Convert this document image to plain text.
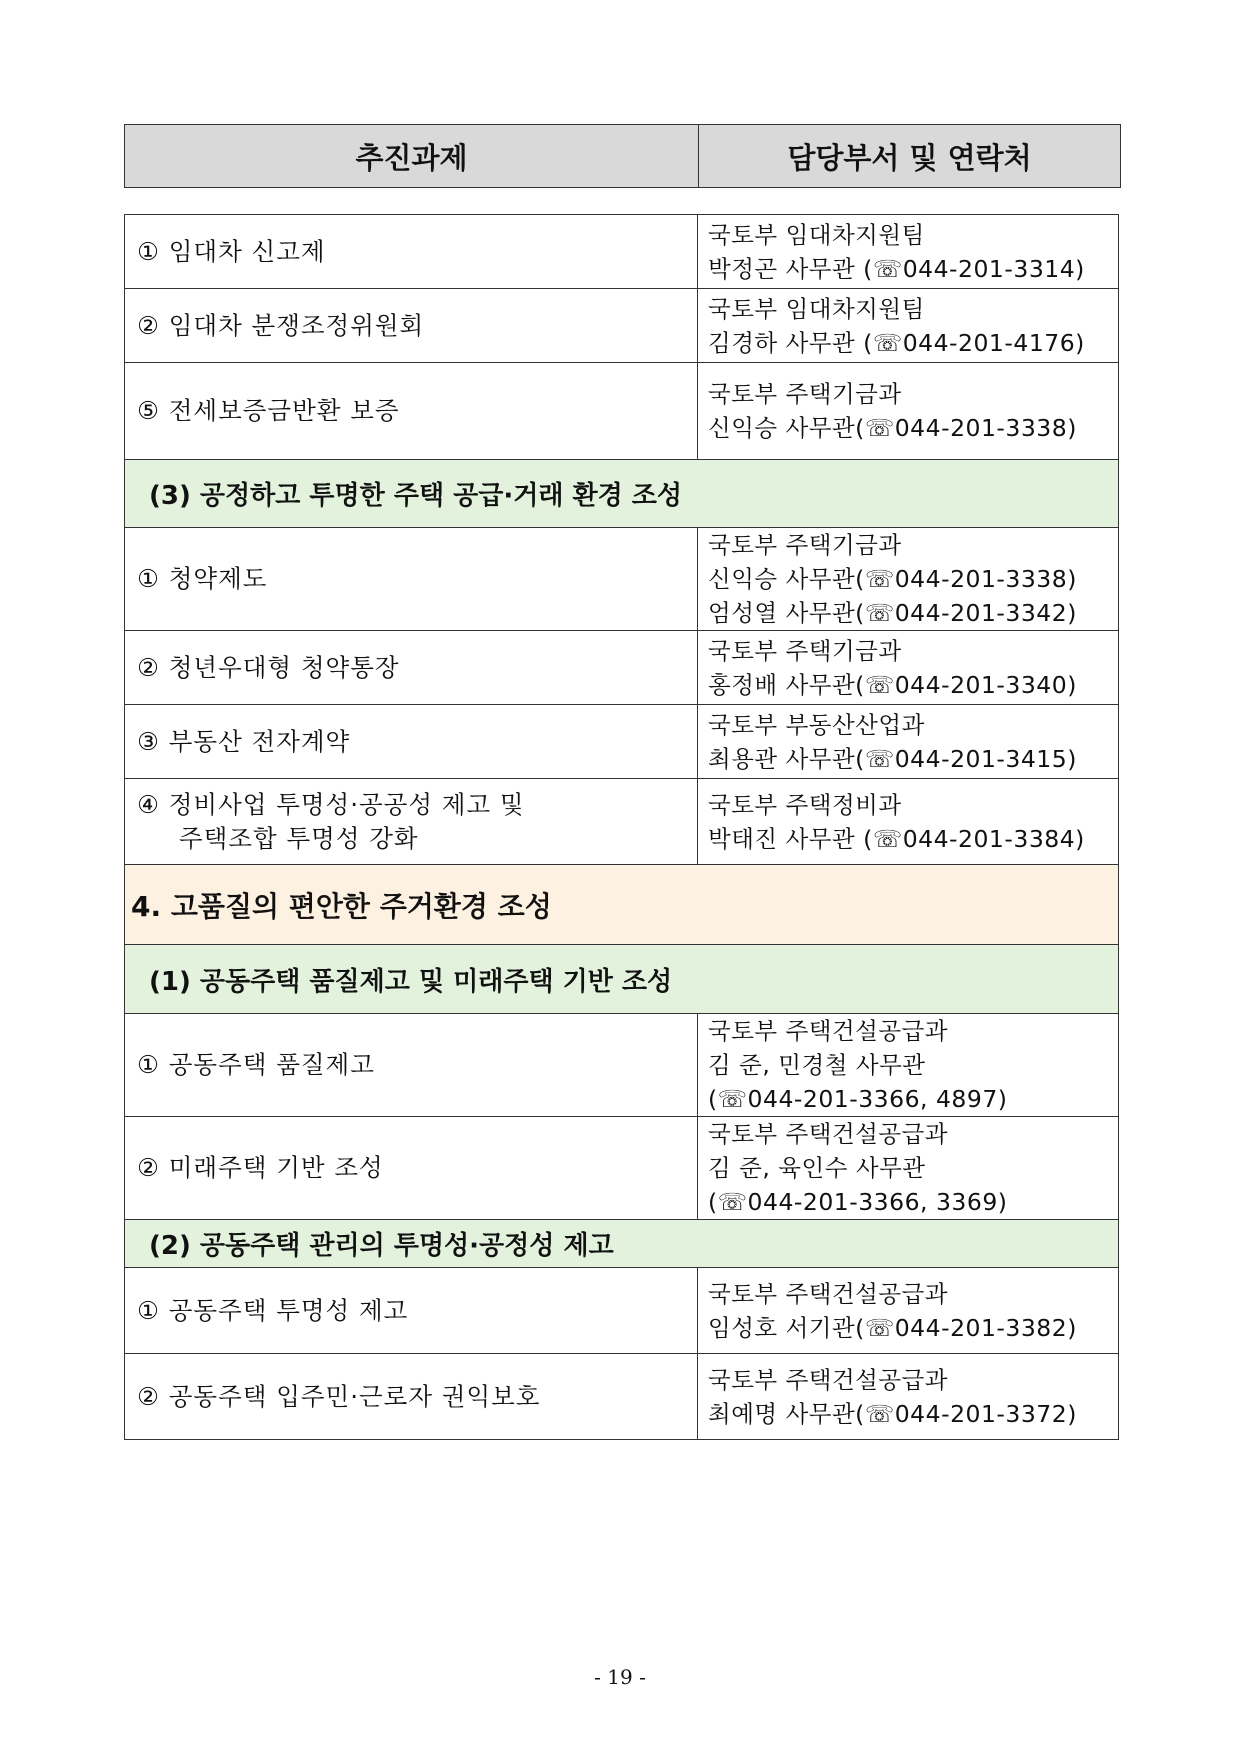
추진과제	담당부서 및 연락처
① 임대차 신고제	국토부 임대차지원팀
박정곤 사무관 (☏044-201-3314)

② 임대차 분쟁조정위원회	국토부 임대차지원팀
김경하 사무관 (☏044-201-4176)

⑤ 전세보증금반환 보증	국토부 주택기금과
신익승 사무관(☏044-201-3338)

(3) 공정하고 투명한 주택 공급·거래 환경 조성	
① 청약제도	국토부 주택기금과
신익승 사무관(☏044-201-3338)
엄성열 사무관(☏044-201-3342)

② 청년우대형 청약통장	국토부 주택기금과
홍정배 사무관(☏044-201-3340)

③ 부동산 전자계약	국토부 부동산산업과
최용관 사무관(☏044-201-3415)

④ 정비사업 투명성·공공성 제고 및
주택조합 투명성 강화	국토부 주택정비과
박태진 사무관 (☏044-201-3384)

4. 고품질의 편안한 주거환경 조성	
(1) 공동주택 품질제고 및 미래주택 기반 조성	
① 공동주택 품질제고	국토부 주택건설공급과
김 준, 민경철 사무관
(☏044-201-3366, 4897)

② 미래주택 기반 조성	국토부 주택건설공급과
김 준, 육인수 사무관
(☏044-201-3366, 3369)

(2) 공동주택 관리의 투명성·공정성 제고	
① 공동주택 투명성 제고	국토부 주택건설공급과
임성호 서기관(☏044-201-3382)

② 공동주택 입주민·근로자 권익보호	국토부 주택건설공급과
최예명 사무관(☏044-201-3372)
- 19 -
